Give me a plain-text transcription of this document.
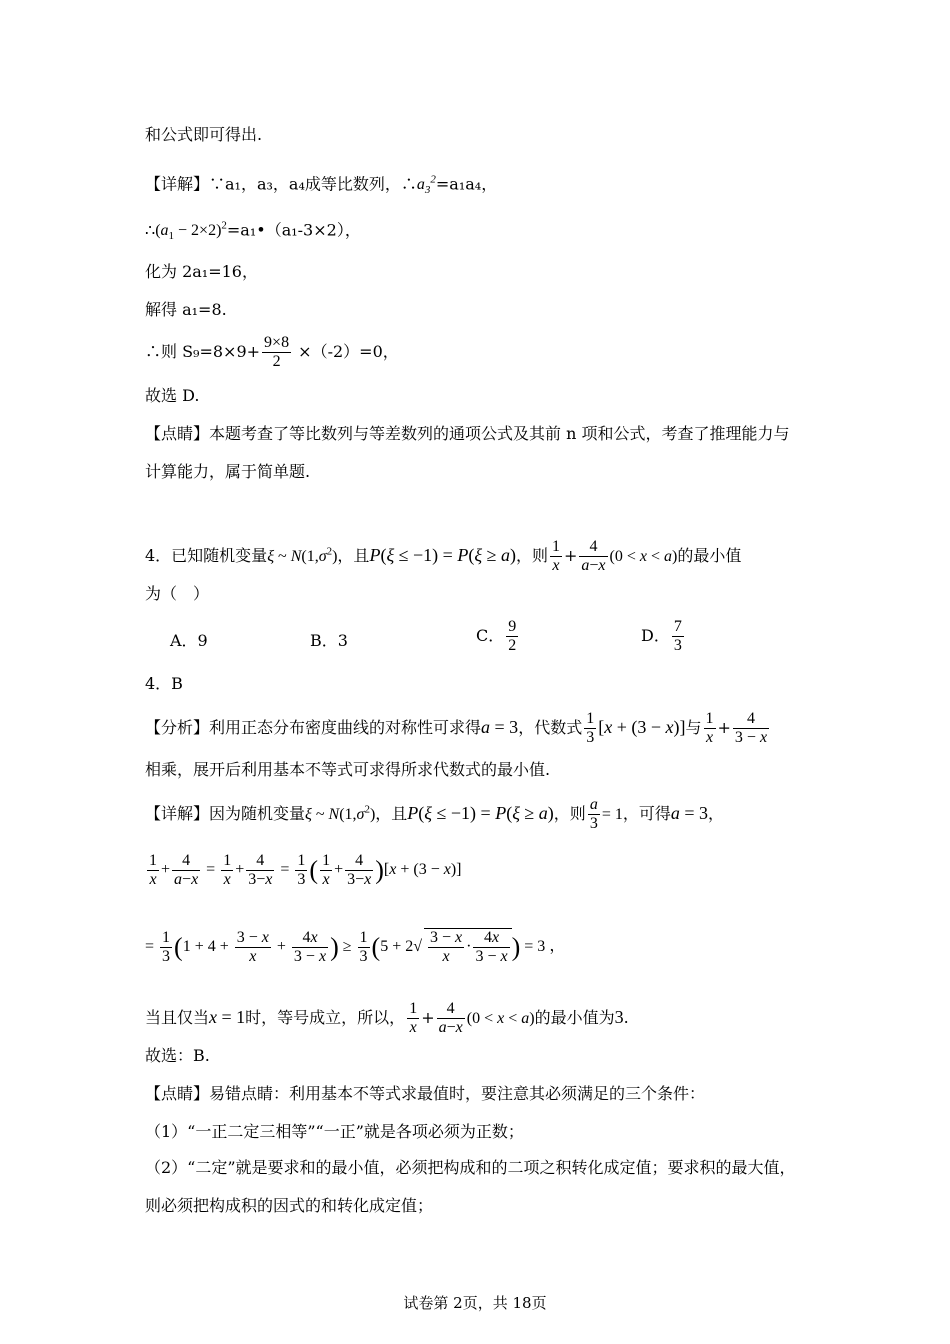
和公式即可得出.
【详解】∵a₁，a₃，a₄成等比数列，$\therefore a_3^2=a_1a_4$，
$\therefore(a_1$ − 2×2)$^2$=a₁•（a₁-3×2），
化为 2a₁=16，
解得 a₁=8.
∴则 $S_9=8\times 9+ \frac{9\times 8}{2} \times(-2)=0$，
故选 D.
【点睛】本题考查了等比数列与等差数列的通项公式及其前 n 项和公式，考查了推理能力与
计算能力，属于简单题.
4．已知随机变量ξ ~ $N(1,\sigma^2)$，且P(ξ ≤ −1) = P(ξ ≥ a)，则 $\frac{1}{x} + \frac{4}{a-x} (0 < x < a)$的最小值
为（　）
A．9	B．3	C． $\frac{9}{2}$	D． $\frac{7}{3}$
4．B
【分析】利用正态分布密度曲线的对称性可求得a = 3，代数式 $\frac{1}{3} [x + (3 - x)]$与 $\frac{1}{x} + \frac{4}{3 - x}$
相乘，展开后利用基本不等式可求得所求代数式的最小值.
【详解】因为随机变量ξ ~ $N(1,\sigma^2)$，且P(ξ ≤ −1) = P(ξ ≥ a)，则 $\frac{a}{3} = 1$，可得a = 3，
$\frac{1}{x} + \frac{4}{a-x} = \frac{1}{x} + \frac{4}{3-x} = \frac{1}{3}$ ( $\frac{1}{x} + \frac{4}{3-x} )[x + (3 - x)]$
= $\frac{1}{3} (1 + 4 + \frac{3 - x}{x} + \frac{4x}{3 - x}$ ) ≥ $\frac{1}{3} (5 + 2√ \frac{3 - x}{x} \cdot \frac{4x}{3 - x}$ ) = 3 ，
当且仅当x = 1时，等号成立，所以， $\frac{1}{x} + \frac{4}{a-x} (0 < x < a)$的最小值为3.
故选：B.
【点睛】易错点睛：利用基本不等式求最值时，要注意其必须满足的三个条件：
（1）“一正二定三相等”“一正”就是各项必须为正数；
（2）“二定”就是要求和的最小值，必须把构成和的二项之积转化成定值；要求积的最大值，
则必须把构成积的因式的和转化成定值；
试卷第 2页，共 18页
